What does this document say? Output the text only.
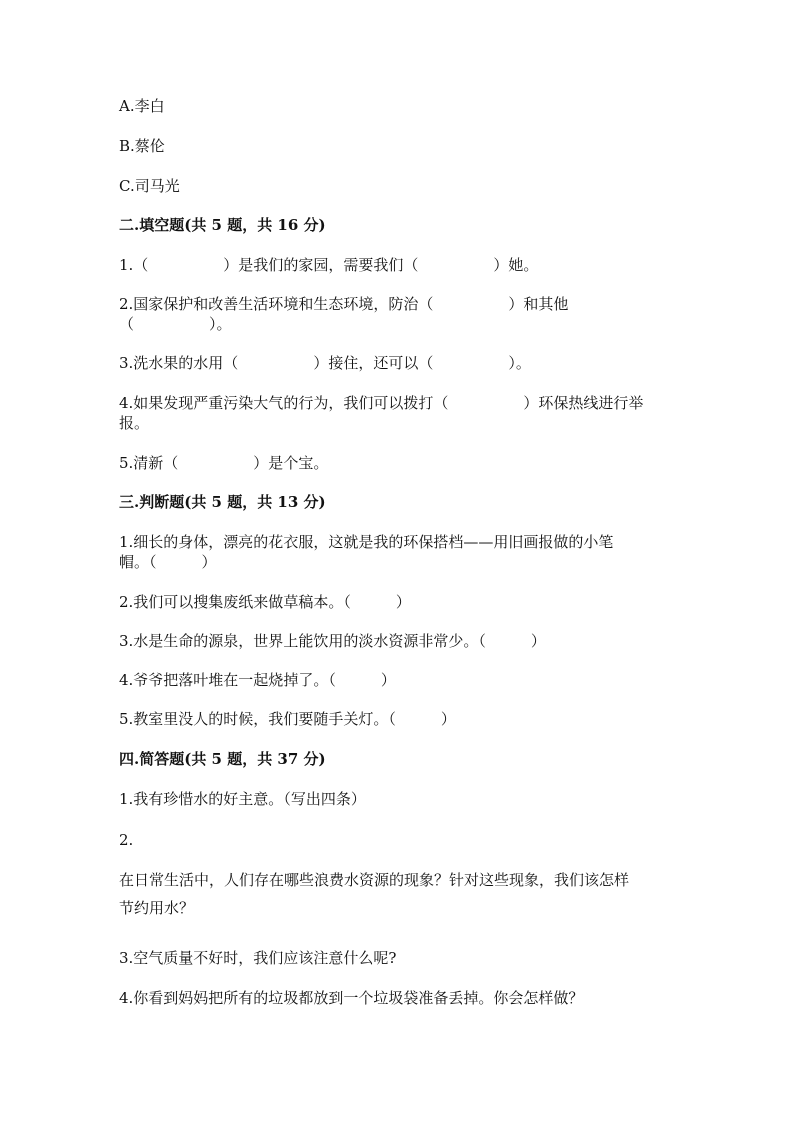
A.李白
B.蔡伦
C.司马光
二.填空题(共 5 题，共 16 分)
1.（　　　　　）是我们的家园，需要我们（　　　　　）她。
2.国家保护和改善生活环境和生态环境，防治（　　　　　）和其他
（　　　　　）。
3.洗水果的水用（　　　　　）接住，还可以（　　　　　）。
4.如果发现严重污染大气的行为，我们可以拨打（　　　　　）环保热线进行举
报。
5.清新（　　　　　）是个宝。
三.判断题(共 5 题，共 13 分)
1.细长的身体，漂亮的花衣服，这就是我的环保搭档——用旧画报做的小笔
帽。（　　　）
2.我们可以搜集废纸来做草稿本。（　　　）
3.水是生命的源泉，世界上能饮用的淡水资源非常少。（　　　）
4.爷爷把落叶堆在一起烧掉了。（　　　）
5.教室里没人的时候，我们要随手关灯。（　　　）
四.简答题(共 5 题，共 37 分)
1.我有珍惜水的好主意。（写出四条）
2.
在日常生活中，人们存在哪些浪费水资源的现象？针对这些现象，我们该怎样
节约用水？
3.空气质量不好时，我们应该注意什么呢?
4.你看到妈妈把所有的垃圾都放到一个垃圾袋准备丢掉。你会怎样做？
